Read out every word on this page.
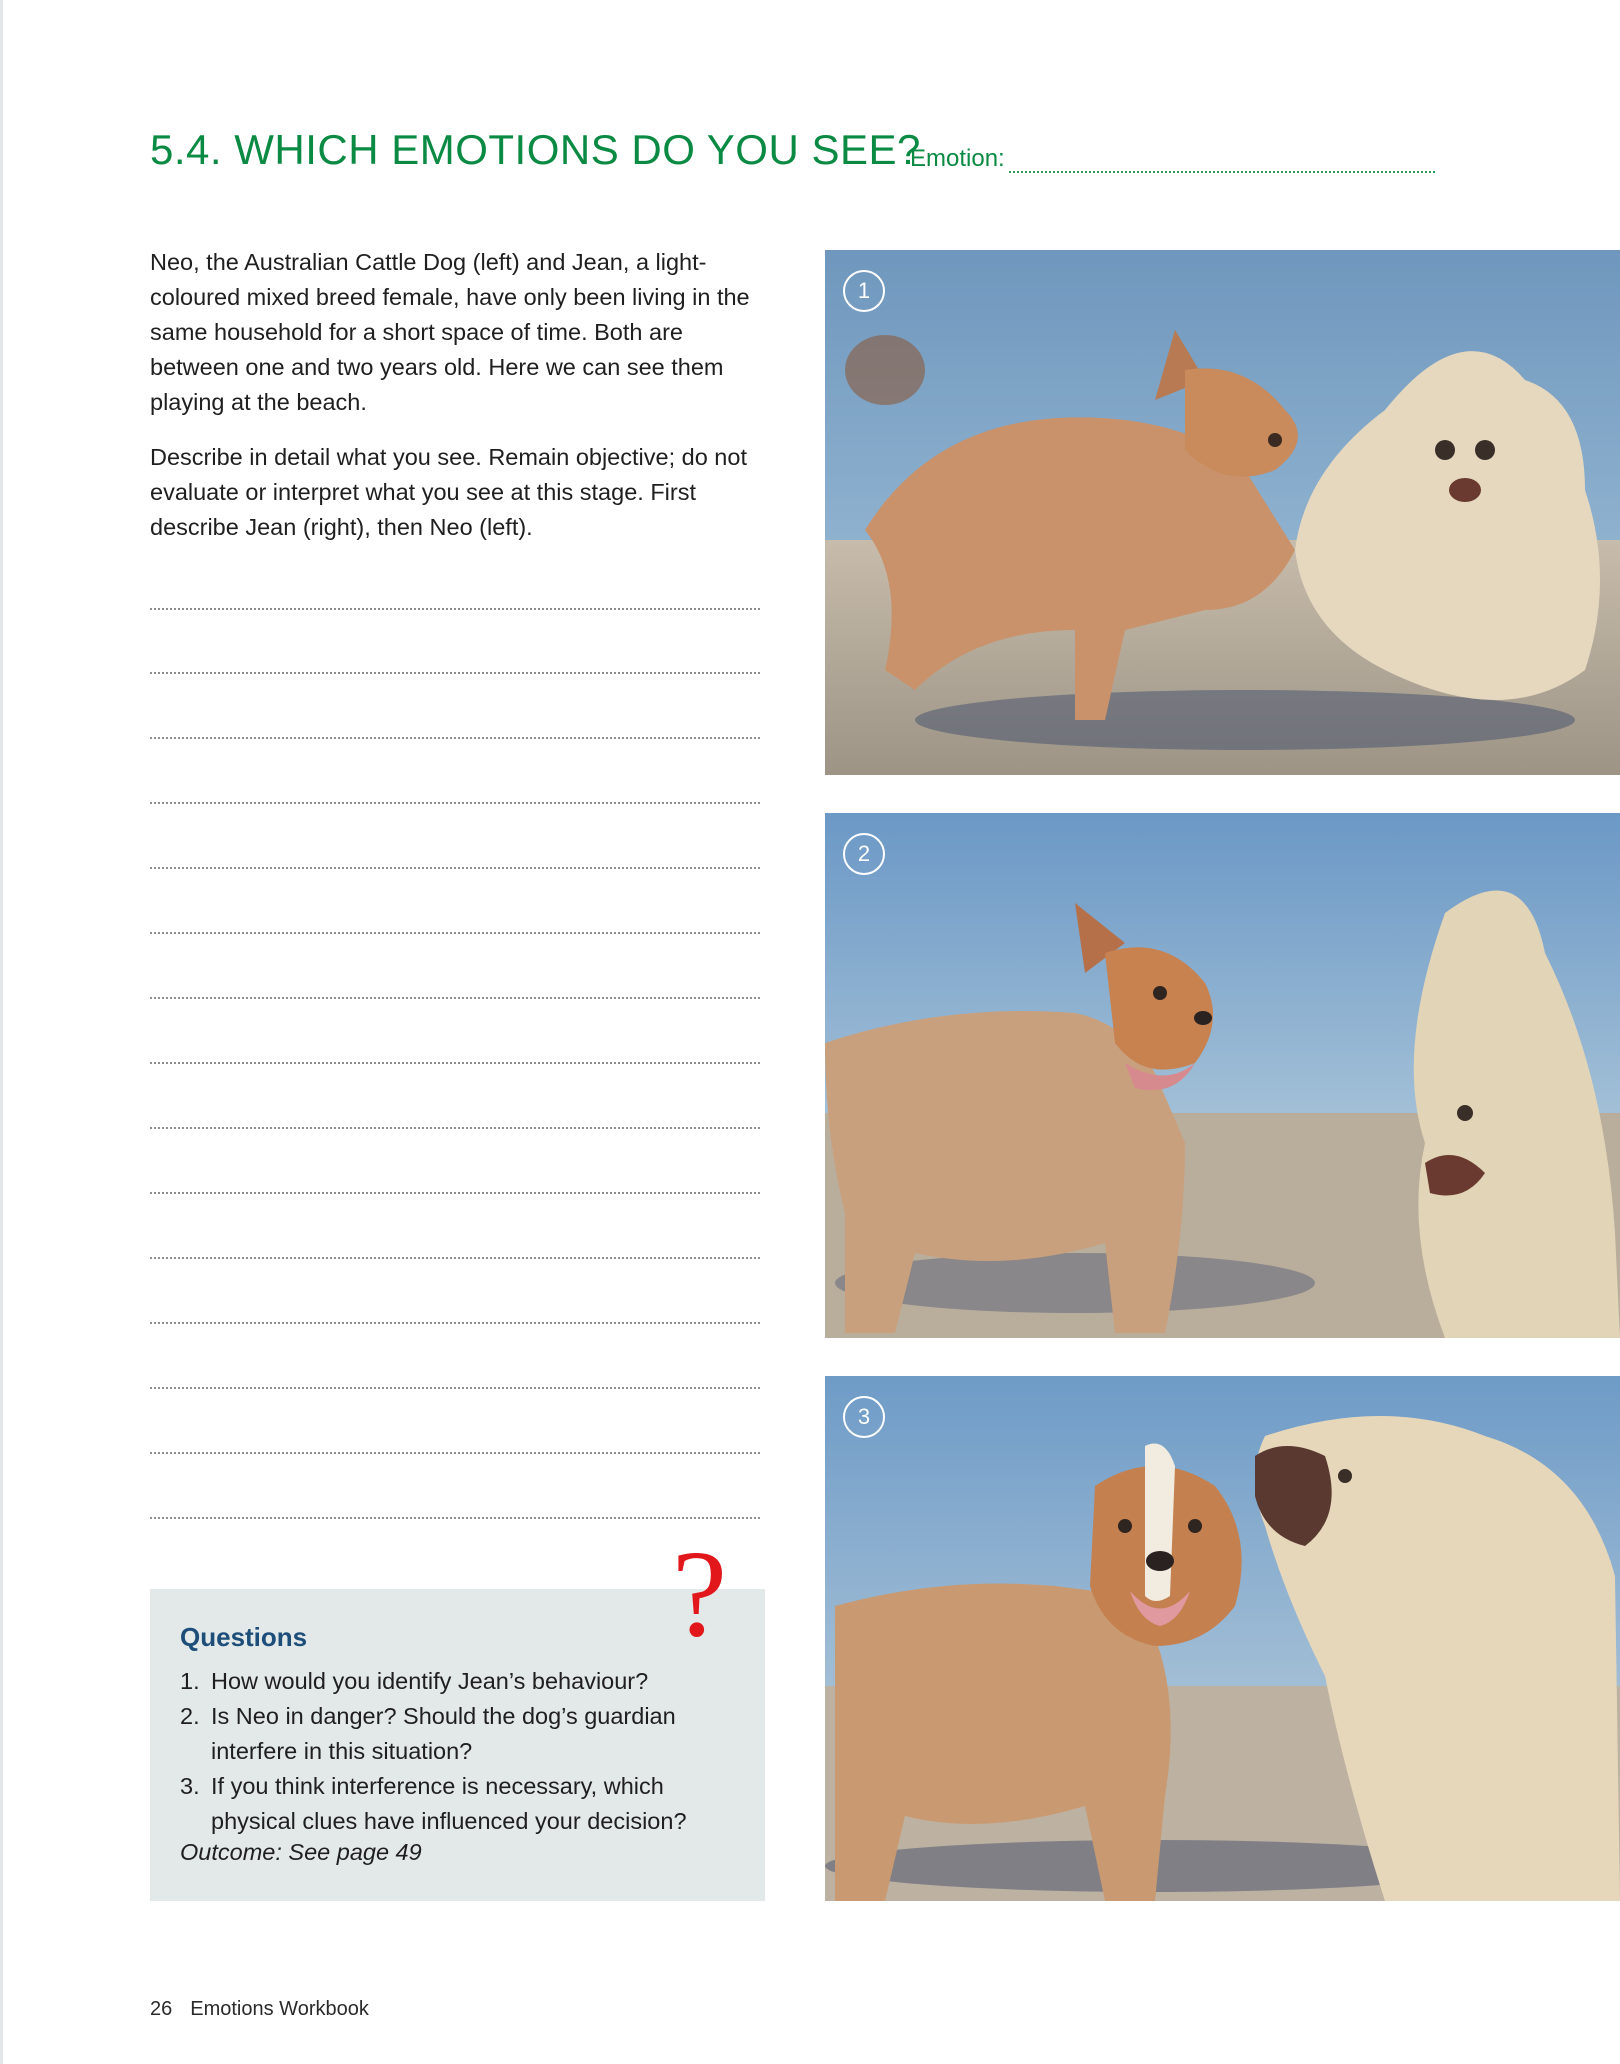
5.4. WHICH EMOTIONS DO YOU SEE?
Emotion:

Neo, the Australian Cattle Dog (left) and Jean, a light-coloured mixed breed female, have only been living in the same household for a short space of time. Both are between one and two years old. Here we can see them playing at the beach.

Describe in detail what you see. Remain objective; do not evaluate or interpret what you see at this stage. First describe Jean (right), then Neo (left).

?
Questions
1. How would you identify Jean’s behaviour?
2. Is Neo in danger? Should the dog’s guardian interfere in this situation?
3. If you think interference is necessary, which physical clues have influenced your decision?
Outcome: See page 49
1
2
3
26 Emotions Workbook
